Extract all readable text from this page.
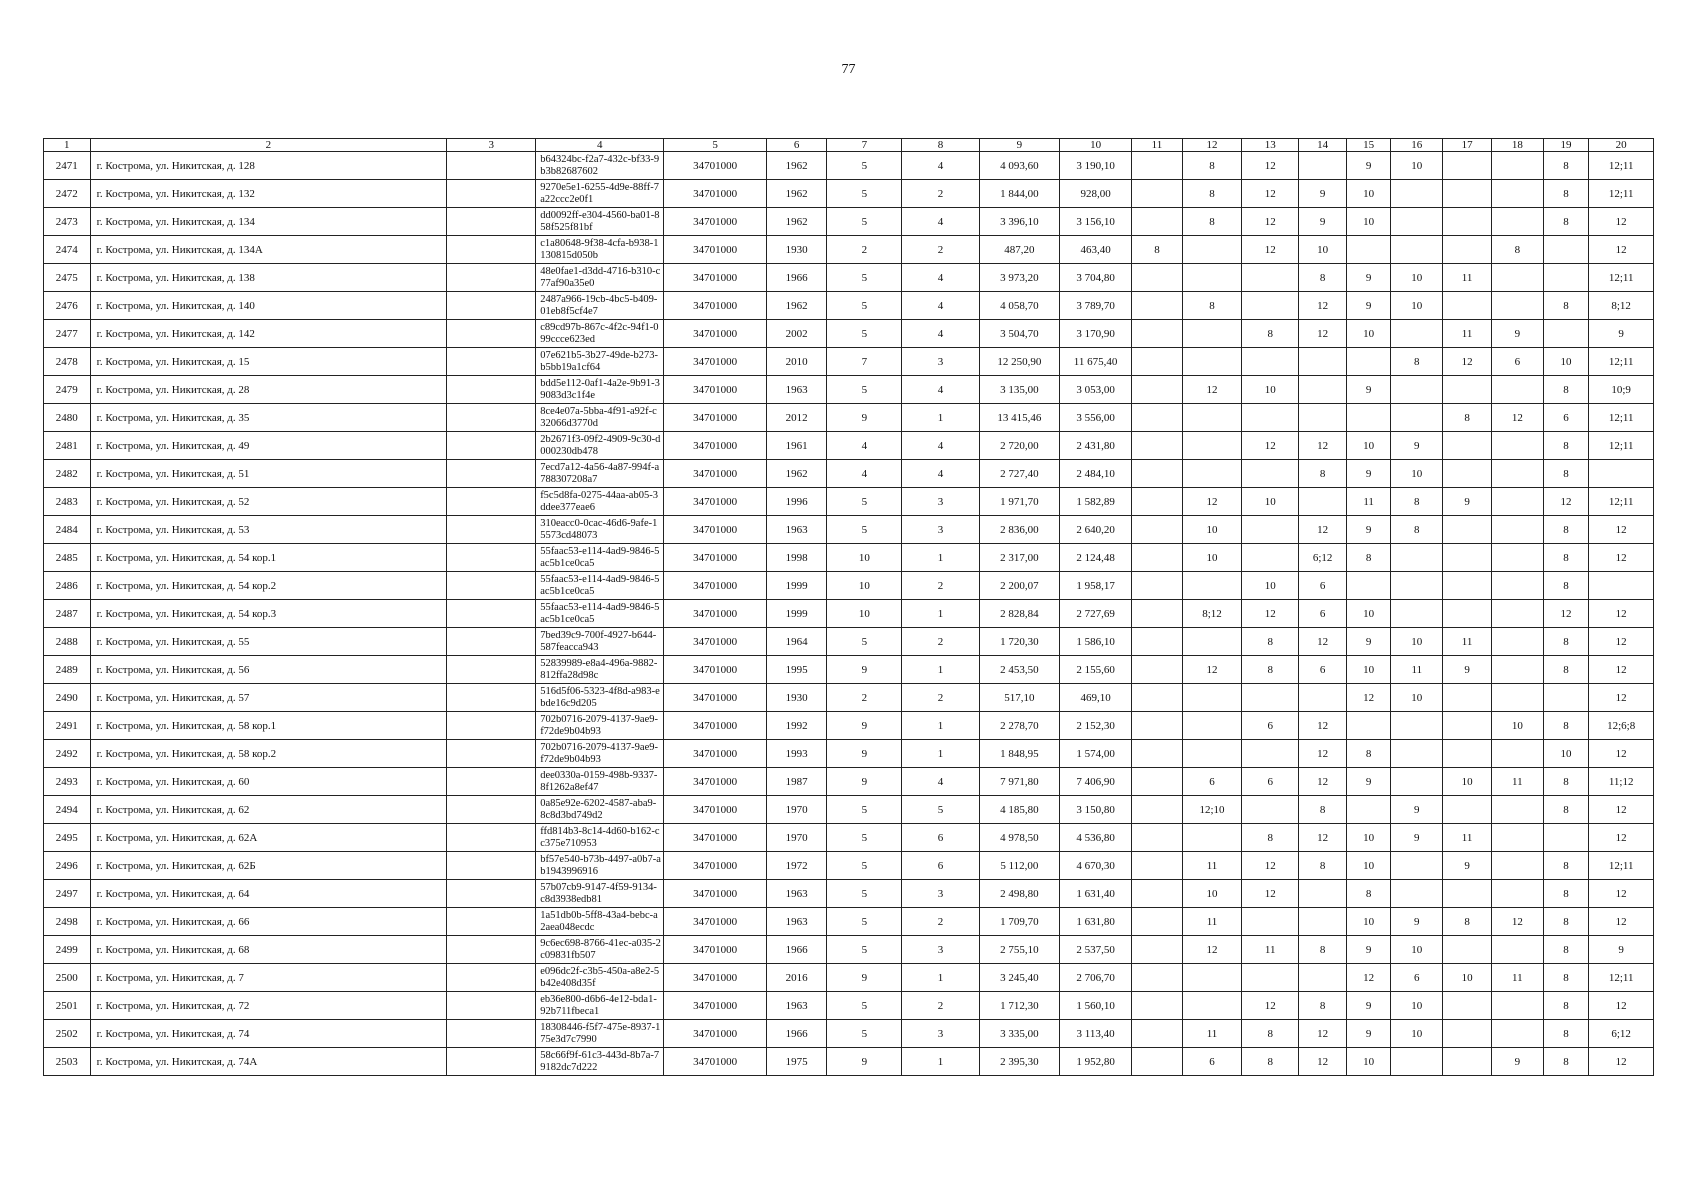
77
1	2	3	4	5	6	7	8	9	10	11	12	13	14	15	16	17	18	19	20
2471	г. Кострома, ул. Никитская, д. 128		b64324bc-f2a7-432c-bf33-9b3b82687602	34701000	1962	5	4	4 093,60	3 190,10		8	12		9	10			8	12;11
2472	г. Кострома, ул. Никитская, д. 132		9270e5e1-6255-4d9e-88ff-7a22ccc2e0f1	34701000	1962	5	2	1 844,00	928,00		8	12	9	10				8	12;11
2473	г. Кострома, ул. Никитская, д. 134		dd0092ff-e304-4560-ba01-858f525f81bf	34701000	1962	5	4	3 396,10	3 156,10		8	12	9	10				8	12
2474	г. Кострома, ул. Никитская, д. 134А		c1a80648-9f38-4cfa-b938-1130815d050b	34701000	1930	2	2	487,20	463,40	8		12	10				8		12
2475	г. Кострома, ул. Никитская, д. 138		48e0fae1-d3dd-4716-b310-c77af90a35e0	34701000	1966	5	4	3 973,20	3 704,80				8	9	10	11			12;11
2476	г. Кострома, ул. Никитская, д. 140		2487a966-19cb-4bc5-b409-01eb8f5cf4e7	34701000	1962	5	4	4 058,70	3 789,70		8		12	9	10			8	8;12
2477	г. Кострома, ул. Никитская, д. 142		c89cd97b-867c-4f2c-94f1-099ccce623ed	34701000	2002	5	4	3 504,70	3 170,90			8	12	10		11	9		9
2478	г. Кострома, ул. Никитская, д. 15		07e621b5-3b27-49de-b273-b5bb19a1cf64	34701000	2010	7	3	12 250,90	11 675,40						8	12	6	10	12;11
2479	г. Кострома, ул. Никитская, д. 28		bdd5e112-0af1-4a2e-9b91-39083d3c1f4e	34701000	1963	5	4	3 135,00	3 053,00		12	10		9				8	10;9
2480	г. Кострома, ул. Никитская, д. 35		8ce4e07a-5bba-4f91-a92f-c32066d3770d	34701000	2012	9	1	13 415,46	3 556,00							8	12	6	12;11
2481	г. Кострома, ул. Никитская, д. 49		2b2671f3-09f2-4909-9c30-d000230db478	34701000	1961	4	4	2 720,00	2 431,80			12	12	10	9			8	12;11
2482	г. Кострома, ул. Никитская, д. 51		7ecd7a12-4a56-4a87-994f-a788307208a7	34701000	1962	4	4	2 727,40	2 484,10				8	9	10			8	
2483	г. Кострома, ул. Никитская, д. 52		f5c5d8fa-0275-44aa-ab05-3ddee377eae6	34701000	1996	5	3	1 971,70	1 582,89		12	10		11	8	9		12	12;11
2484	г. Кострома, ул. Никитская, д. 53		310eacc0-0cac-46d6-9afe-15573cd48073	34701000	1963	5	3	2 836,00	2 640,20		10		12	9	8			8	12
2485	г. Кострома, ул. Никитская, д. 54 кор.1		55faac53-e114-4ad9-9846-5ac5b1ce0ca5	34701000	1998	10	1	2 317,00	2 124,48		10		6;12	8				8	12
2486	г. Кострома, ул. Никитская, д. 54 кор.2		55faac53-e114-4ad9-9846-5ac5b1ce0ca5	34701000	1999	10	2	2 200,07	1 958,17			10	6					8	
2487	г. Кострома, ул. Никитская, д. 54 кор.3		55faac53-e114-4ad9-9846-5ac5b1ce0ca5	34701000	1999	10	1	2 828,84	2 727,69		8;12	12	6	10				12	12
2488	г. Кострома, ул. Никитская, д. 55		7bed39c9-700f-4927-b644-587feacca943	34701000	1964	5	2	1 720,30	1 586,10			8	12	9	10	11		8	12
2489	г. Кострома, ул. Никитская, д. 56		52839989-e8a4-496a-9882-812ffa28d98c	34701000	1995	9	1	2 453,50	2 155,60		12	8	6	10	11	9		8	12
2490	г. Кострома, ул. Никитская, д. 57		516d5f06-5323-4f8d-a983-ebde16c9d205	34701000	1930	2	2	517,10	469,10					12	10				12
2491	г. Кострома, ул. Никитская, д. 58 кор.1		702b0716-2079-4137-9ae9-f72de9b04b93	34701000	1992	9	1	2 278,70	2 152,30			6	12				10	8	12;6;8
2492	г. Кострома, ул. Никитская, д. 58 кор.2		702b0716-2079-4137-9ae9-f72de9b04b93	34701000	1993	9	1	1 848,95	1 574,00				12	8				10	12
2493	г. Кострома, ул. Никитская, д. 60		dee0330a-0159-498b-9337-8f1262a8ef47	34701000	1987	9	4	7 971,80	7 406,90		6	6	12	9		10	11	8	11;12
2494	г. Кострома, ул. Никитская, д. 62		0a85e92e-6202-4587-aba9-8c8d3bd749d2	34701000	1970	5	5	4 185,80	3 150,80		12;10		8		9			8	12
2495	г. Кострома, ул. Никитская, д. 62А		ffd814b3-8c14-4d60-b162-cc375e710953	34701000	1970	5	6	4 978,50	4 536,80			8	12	10	9	11			12
2496	г. Кострома, ул. Никитская, д. 62Б		bf57e540-b73b-4497-a0b7-ab1943996916	34701000	1972	5	6	5 112,00	4 670,30		11	12	8	10		9		8	12;11
2497	г. Кострома, ул. Никитская, д. 64		57b07cb9-9147-4f59-9134-c8d3938edb81	34701000	1963	5	3	2 498,80	1 631,40		10	12		8				8	12
2498	г. Кострома, ул. Никитская, д. 66		1a51db0b-5ff8-43a4-bebc-a2aea048ecdc	34701000	1963	5	2	1 709,70	1 631,80		11			10	9	8	12	8	12
2499	г. Кострома, ул. Никитская, д. 68		9c6ec698-8766-41ec-a035-2c09831fb507	34701000	1966	5	3	2 755,10	2 537,50		12	11	8	9	10			8	9
2500	г. Кострома, ул. Никитская, д. 7		e096dc2f-c3b5-450a-a8e2-5b42e408d35f	34701000	2016	9	1	3 245,40	2 706,70					12	6	10	11	8	12;11
2501	г. Кострома, ул. Никитская, д. 72		eb36e800-d6b6-4e12-bda1-92b711fbeca1	34701000	1963	5	2	1 712,30	1 560,10			12	8	9	10			8	12
2502	г. Кострома, ул. Никитская, д. 74		18308446-f5f7-475e-8937-175e3d7c7990	34701000	1966	5	3	3 335,00	3 113,40		11	8	12	9	10			8	6;12
2503	г. Кострома, ул. Никитская, д. 74А		58c66f9f-61c3-443d-8b7a-79182dc7d222	34701000	1975	9	1	2 395,30	1 952,80		6	8	12	10			9	8	12
